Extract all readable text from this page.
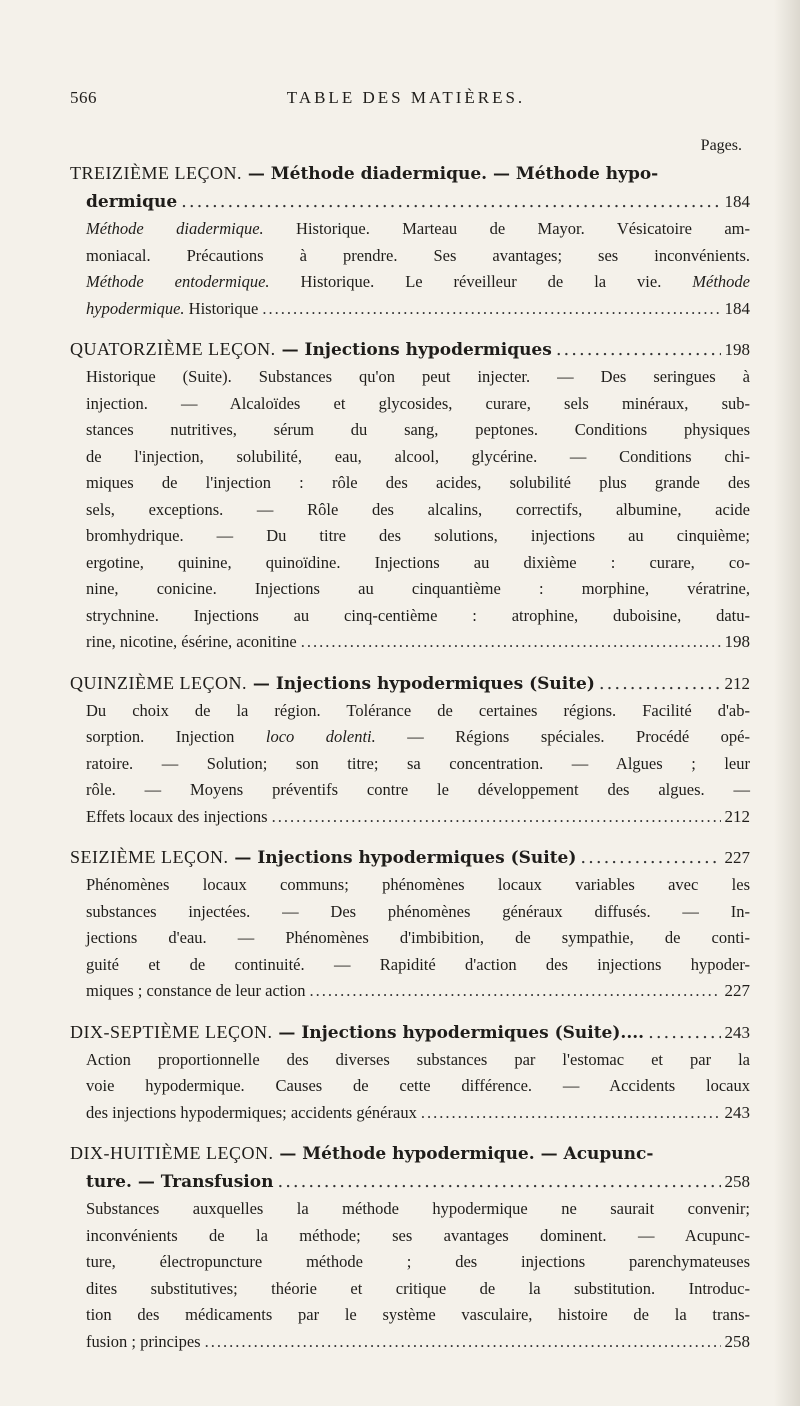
566	TABLE DES MATIÈRES.
Pages.
TREIZIÈME LEÇON. — Méthode diadermique. — Méthode hypo-
dermique .....	184
Méthode diadermique. Historique. Marteau de Mayor. Vésicatoire am-
moniacal. Précautions à prendre. Ses avantages; ses inconvénients.
Méthode entodermique. Historique. Le réveilleur de la vie. Méthode
hypodermique. Historique .....	184
QUATORZIÈME LEÇON. — Injections hypodermiques .....	198
Historique (Suite). Substances qu'on peut injecter. — Des seringues à
injection. — Alcaloïdes et glycosides, curare, sels minéraux, sub-
stances nutritives, sérum du sang, peptones. Conditions physiques
de l'injection, solubilité, eau, alcool, glycérine. — Conditions chi-
miques de l'injection : rôle des acides, solubilité plus grande des
sels, exceptions. — Rôle des alcalins, correctifs, albumine, acide
bromhydrique. — Du titre des solutions, injections au cinquième;
ergotine, quinine, quinoïdine. Injections au dixième : curare, co-
nine, conicine. Injections au cinquantième : morphine, vératrine,
strychnine. Injections au cinq-centième : atrophine, duboisine, datu-
rine, nicotine, ésérine, aconitine .....	198
QUINZIÈME LEÇON. — Injections hypodermiques (Suite) .....	212
Du choix de la région. Tolérance de certaines régions. Facilité d'ab-
sorption. Injection loco dolenti. — Régions spéciales. Procédé opé-
ratoire. — Solution; son titre; sa concentration. — Algues ; leur
rôle. — Moyens préventifs contre le développement des algues. —
Effets locaux des injections .....	212
SEIZIÈME LEÇON. — Injections hypodermiques (Suite) .....	227
Phénomènes locaux communs; phénomènes locaux variables avec les
substances injectées. — Des phénomènes généraux diffusés. — In-
jections d'eau. — Phénomènes d'imbibition, de sympathie, de conti-
guité et de continuité. — Rapidité d'action des injections hypoder-
miques ; constance de leur action .....	227
DIX-SEPTIÈME LEÇON. — Injections hypodermiques (Suite).... .....	243
Action proportionnelle des diverses substances par l'estomac et par la
voie hypodermique. Causes de cette différence. — Accidents locaux
des injections hypodermiques; accidents généraux .....	243
DIX-HUITIÈME LEÇON. — Méthode hypodermique. — Acupunc-
ture. — Transfusion .....	258
Substances auxquelles la méthode hypodermique ne saurait convenir;
inconvénients de la méthode; ses avantages dominent. — Acupunc-
ture, électropuncture méthode ; des injections parenchymateuses
dites substitutives; théorie et critique de la substitution. Introduc-
tion des médicaments par le système vasculaire, histoire de la trans-
fusion ; principes .....	258
